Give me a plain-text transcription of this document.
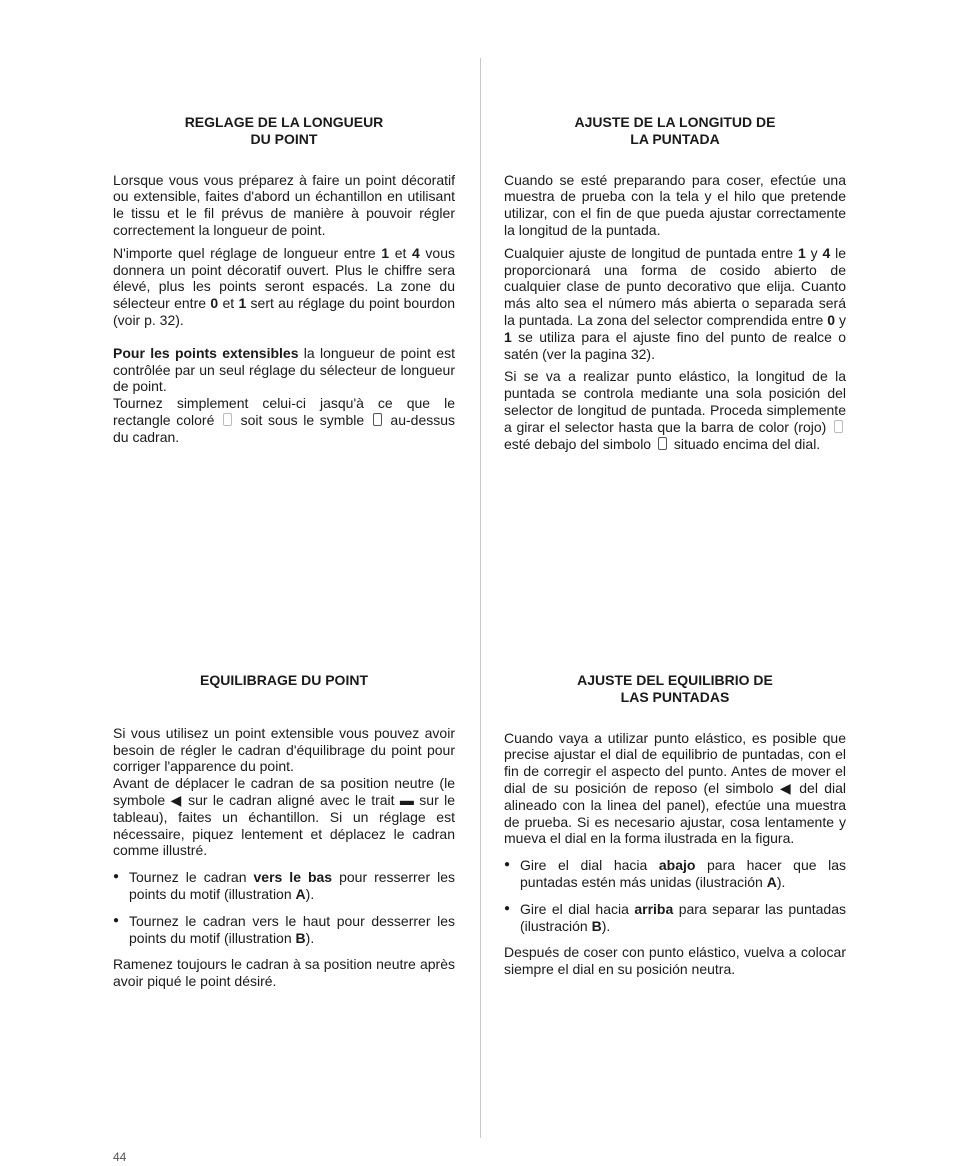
REGLAGE DE LA LONGUEUR
DU POINT

Lorsque vous vous préparez à faire un point décoratif ou extensible, faites d'abord un échantillon en utilisant le tissu et le fil prévus de manière à pouvoir régler correctement la longueur de point.

N'importe quel réglage de longueur entre 1 et 4 vous donnera un point décoratif ouvert. Plus le chiffre sera élevé, plus les points seront espacés. La zone du sélecteur entre 0 et 1 sert au réglage du point bourdon (voir p. 32).

Pour les points extensibles la longueur de point est contrôlée par un seul réglage du sélecteur de longueur de point.

Tournez simplement celui-ci jasqu'à ce que le rectangle coloré soit sous le symble au-dessus du cadran.

AJUSTE DE LA LONGITUD DE
LA PUNTADA

Cuando se esté preparando para coser, efectúe una muestra de prueba con la tela y el hilo que pretende utilizar, con el fin de que pueda ajustar correctamente la longitud de la puntada.

Cualquier ajuste de longitud de puntada entre 1 y 4 le proporcionará una forma de cosido abierto de cualquier clase de punto decorativo que elija. Cuanto más alto sea el número más abierta o separada será la puntada. La zona del selector comprendida entre 0 y 1 se utiliza para el ajuste fino del punto de realce o satén (ver la pagina 32).

Si se va a realizar punto elástico, la longitud de la puntada se controla mediante una sola posición del selector de longitud de puntada. Proceda simplemente a girar el selector hasta que la barra de color (rojo)  esté debajo del simbolo situado encima del dial.

EQUILIBRAGE DU POINT

Si vous utilisez un point extensible vous pouvez avoir besoin de régler le cadran d'équilibrage du point pour corriger l'apparence du point.

Avant de déplacer le cadran de sa position neutre (le symbole ◀ sur le cadran aligné avec le trait ▬ sur le tableau), faites un échantillon. Si un réglage est nécessaire, piquez lentement et déplacez le cadran comme illustré.

● Tournez le cadran vers le bas pour resserrer les points du motif (illustration A).
● Tournez le cadran vers le haut pour desserrer les points du motif (illustration B).

Ramenez toujours le cadran à sa position neutre après avoir piqué le point désiré.

AJUSTE DEL EQUILIBRIO DE
LAS PUNTADAS

Cuando vaya a utilizar punto elástico, es posible que precise ajustar el dial de equilibrio de puntadas, con el fin de corregir el aspecto del punto. Antes de mover el dial de su posición de reposo (el simbolo ◀ del dial alineado con la linea del panel), efectúe una muestra de prueba. Si es necesario ajustar, cosa lentamente y mueva el dial en la forma ilustrada en la figura.

● Gire el dial hacia abajo para hacer que las puntadas estén más unidas (ilustración A).
● Gire el dial hacia arriba para separar las puntadas (ilustración B).

Después de coser con punto elástico, vuelva a colocar siempre el dial en su posición neutra.

44
